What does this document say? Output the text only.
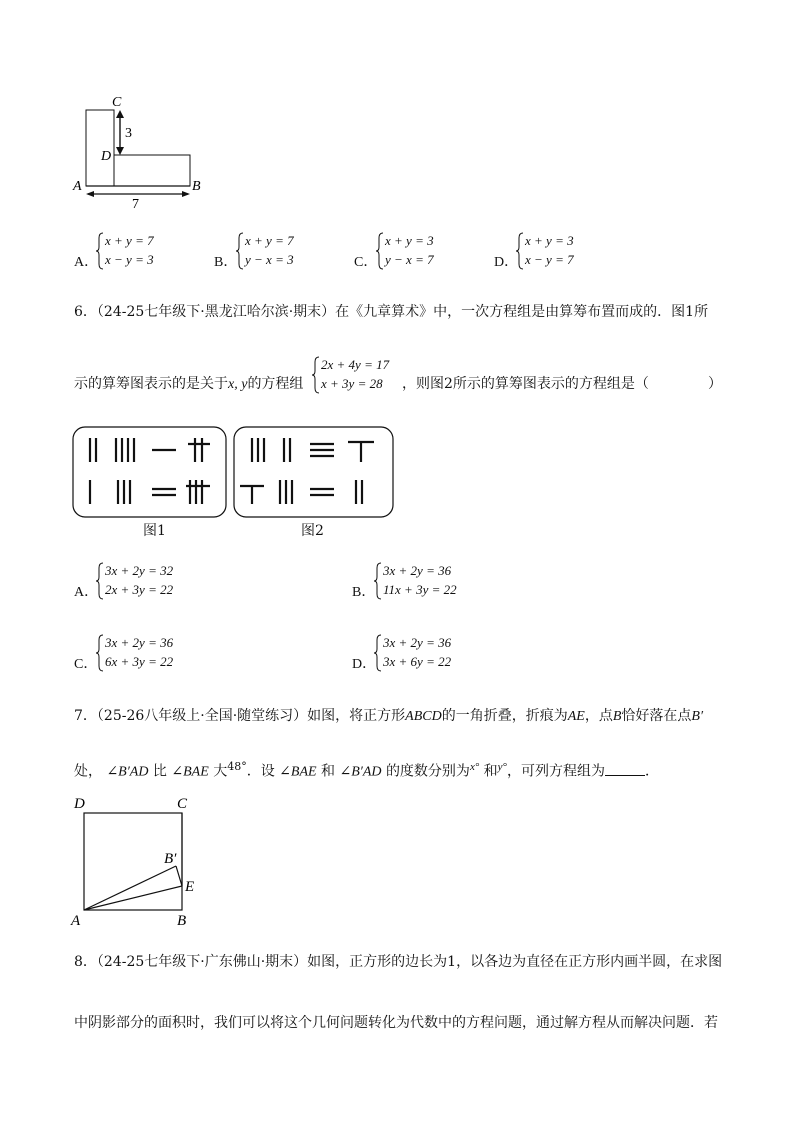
C
D
A	B
3
7
A．
x + y = 7
x − y = 3	B．
x + y = 7
y − x = 3	C．
x + y = 3
y − x = 7	D．
x + y = 3
x − y = 7
6．（24-25七年级下·黑龙江哈尔滨·期末）在《九章算术》中，一次方程组是由算筹布置而成的．图1所
示的算筹图表示的是关于x, y的方程组
2x + 4y = 17
x + 3y = 28 ，则图2所示的算筹图表示的方程组是（	）
图1	图2
A．
3x + 2y = 32
2x + 3y = 22	B．
3x + 2y = 36
11x + 3y = 22
C．
3x + 2y = 36
6x + 3y = 22	D．
3x + 2y = 36
3x + 6y = 22
7．（25-26八年级上·全国·随堂练习）如图，将正方形ABCD的一角折叠，折痕为AE，点B恰好落在点B′
处， ∠B′AD 比 ∠BAE 大$^{48^\circ}$．设 ∠BAE 和 ∠B′AD 的度数分别为$^{x^\circ}$ 和$^{y^\circ}$，可列方程组为	．
D	C
B′
E
A	B
8．（24-25七年级下·广东佛山·期末）如图，正方形的边长为1，以各边为直径在正方形内画半圆，在求图
中阴影部分的面积时，我们可以将这个几何问题转化为代数中的方程问题，通过解方程从而解决问题．若
